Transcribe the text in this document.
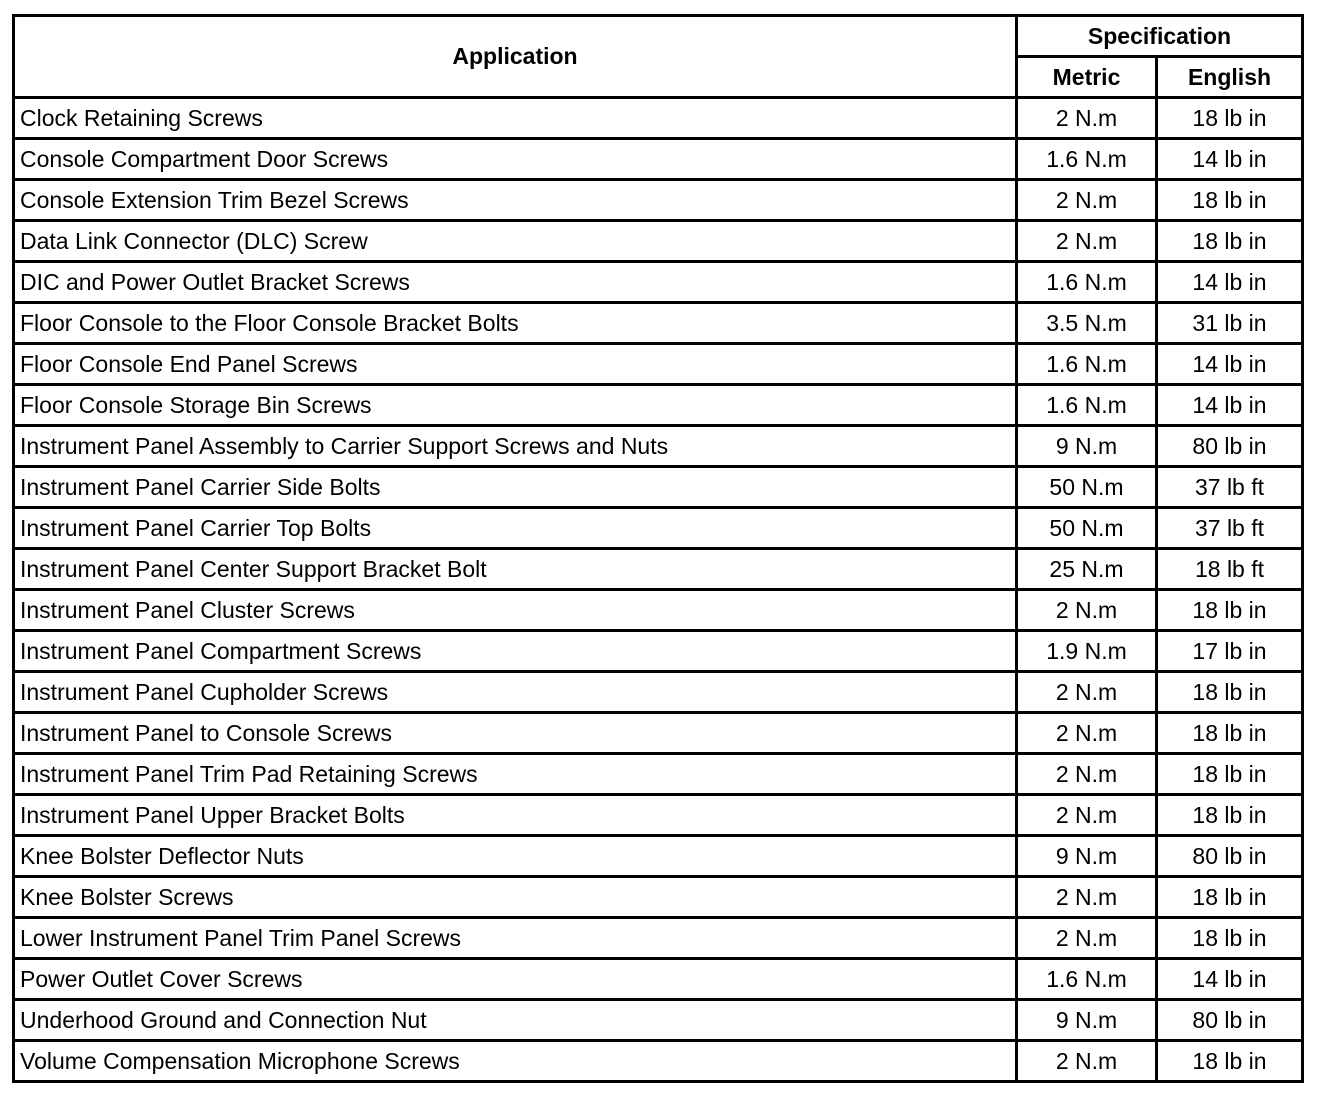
Application	Specification	
	Metric	English
Clock Retaining Screws	2 N.m	18 lb in
Console Compartment Door Screws	1.6 N.m	14 lb in
Console Extension Trim Bezel Screws	2 N.m	18 lb in
Data Link Connector (DLC) Screw	2 N.m	18 lb in
DIC and Power Outlet Bracket Screws	1.6 N.m	14 lb in
Floor Console to the Floor Console Bracket Bolts	3.5 N.m	31 lb in
Floor Console End Panel Screws	1.6 N.m	14 lb in
Floor Console Storage Bin Screws	1.6 N.m	14 lb in
Instrument Panel Assembly to Carrier Support Screws and Nuts	9 N.m	80 lb in
Instrument Panel Carrier Side Bolts	50 N.m	37 lb ft
Instrument Panel Carrier Top Bolts	50 N.m	37 lb ft
Instrument Panel Center Support Bracket Bolt	25 N.m	18 lb ft
Instrument Panel Cluster Screws	2 N.m	18 lb in
Instrument Panel Compartment Screws	1.9 N.m	17 lb in
Instrument Panel Cupholder Screws	2 N.m	18 lb in
Instrument Panel to Console Screws	2 N.m	18 lb in
Instrument Panel Trim Pad Retaining Screws	2 N.m	18 lb in
Instrument Panel Upper Bracket Bolts	2 N.m	18 lb in
Knee Bolster Deflector Nuts	9 N.m	80 lb in
Knee Bolster Screws	2 N.m	18 lb in
Lower Instrument Panel Trim Panel Screws	2 N.m	18 lb in
Power Outlet Cover Screws	1.6 N.m	14 lb in
Underhood Ground and Connection Nut	9 N.m	80 lb in
Volume Compensation Microphone Screws	2 N.m	18 lb in
